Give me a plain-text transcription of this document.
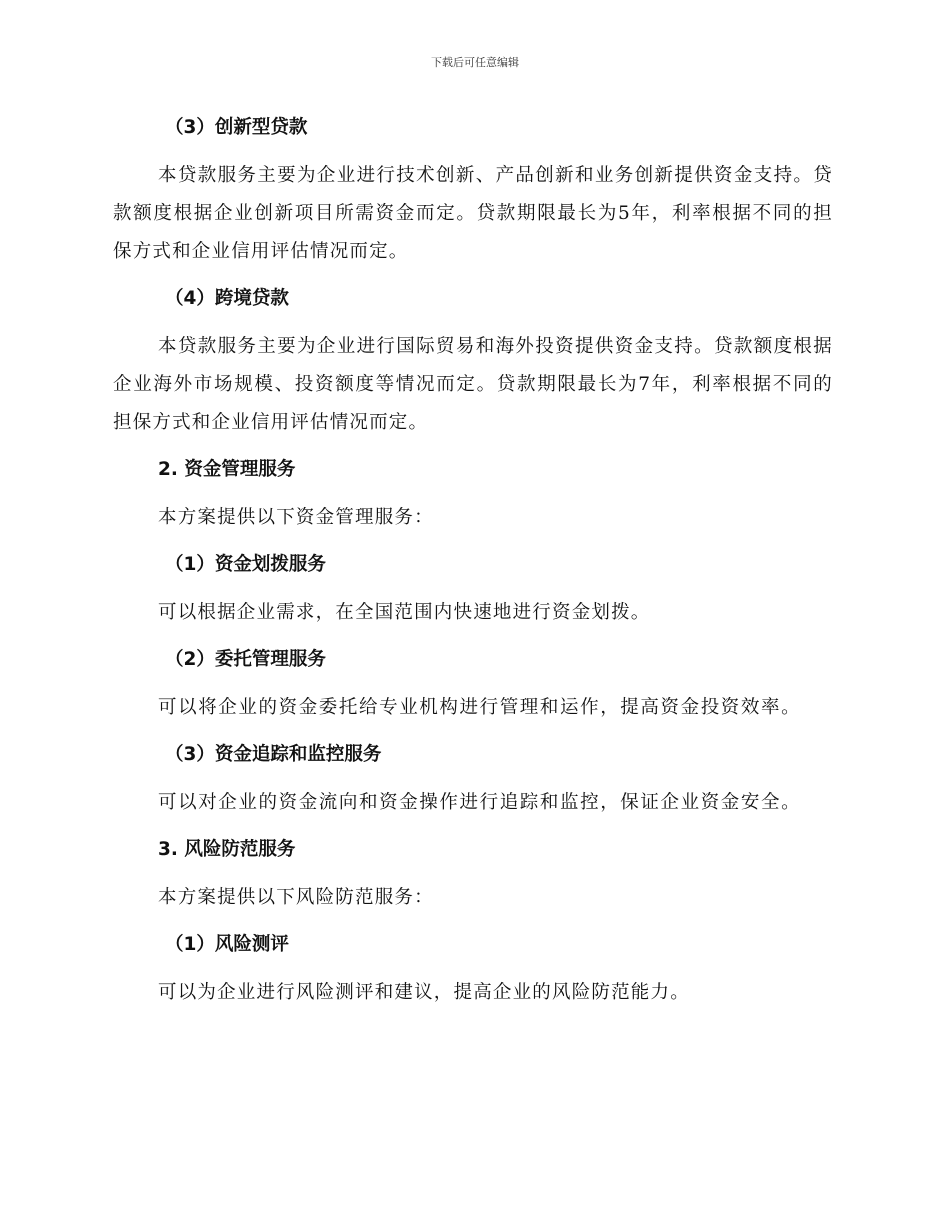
下载后可任意编辑
（3）创新型贷款
本贷款服务主要为企业进行技术创新、产品创新和业务创新提供资金支持。贷款额度根据企业创新项目所需资金而定。贷款期限最长为5年，利率根据不同的担保方式和企业信用评估情况而定。
（4）跨境贷款
本贷款服务主要为企业进行国际贸易和海外投资提供资金支持。贷款额度根据企业海外市场规模、投资额度等情况而定。贷款期限最长为7年，利率根据不同的担保方式和企业信用评估情况而定。
2. 资金管理服务
本方案提供以下资金管理服务：
（1）资金划拨服务
可以根据企业需求，在全国范围内快速地进行资金划拨。
（2）委托管理服务
可以将企业的资金委托给专业机构进行管理和运作，提高资金投资效率。
（3）资金追踪和监控服务
可以对企业的资金流向和资金操作进行追踪和监控，保证企业资金安全。
3. 风险防范服务
本方案提供以下风险防范服务：
（1）风险测评
可以为企业进行风险测评和建议，提高企业的风险防范能力。
